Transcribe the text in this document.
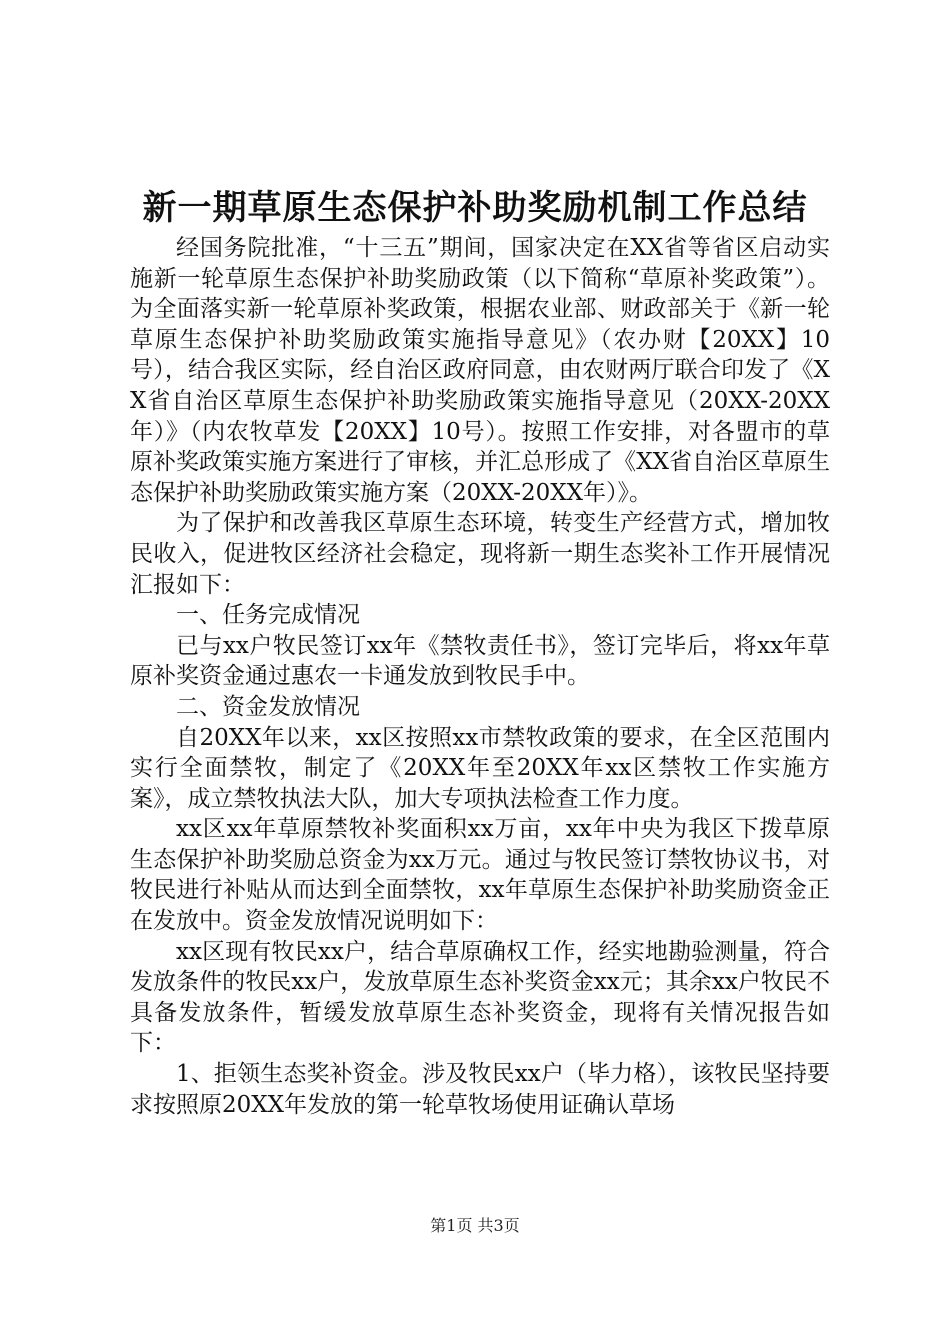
新一期草原生态保护补助奖励机制工作总结

经国务院批准，“十三五”期间，国家决定在XX省等省区启动实施新一轮草原生态保护补助奖励政策（以下简称“草原补奖政策”）。为全面落实新一轮草原补奖政策，根据农业部、财政部关于《新一轮草原生态保护补助奖励政策实施指导意见》（农办财【20XX】10号），结合我区实际，经自治区政府同意，由农财两厅联合印发了《XX省自治区草原生态保护补助奖励政策实施指导意见（20XX-20XX年）》（内农牧草发【20XX】10号）。按照工作安排，对各盟市的草原补奖政策实施方案进行了审核，并汇总形成了《XX省自治区草原生态保护补助奖励政策实施方案（20XX-20XX年）》。

为了保护和改善我区草原生态环境，转变生产经营方式，增加牧民收入，促进牧区经济社会稳定，现将新一期生态奖补工作开展情况汇报如下：

一、任务完成情况

已与xx户牧民签订xx年《禁牧责任书》，签订完毕后，将xx年草原补奖资金通过惠农一卡通发放到牧民手中。

二、资金发放情况

自20XX年以来，xx区按照xx市禁牧政策的要求，在全区范围内实行全面禁牧，制定了《20XX年至20XX年xx区禁牧工作实施方案》，成立禁牧执法大队，加大专项执法检查工作力度。

xx区xx年草原禁牧补奖面积xx万亩，xx年中央为我区下拨草原生态保护补助奖励总资金为xx万元。通过与牧民签订禁牧协议书，对牧民进行补贴从而达到全面禁牧，xx年草原生态保护补助奖励资金正在发放中。资金发放情况说明如下：

xx区现有牧民xx户，结合草原确权工作，经实地勘验测量，符合发放条件的牧民xx户，发放草原生态补奖资金xx元；其余xx户牧民不具备发放条件，暂缓发放草原生态补奖资金，现将有关情况报告如下：

1、拒领生态奖补资金。涉及牧民xx户（毕力格），该牧民坚持要求按照原20XX年发放的第一轮草牧场使用证确认草场

第1页 共3页
